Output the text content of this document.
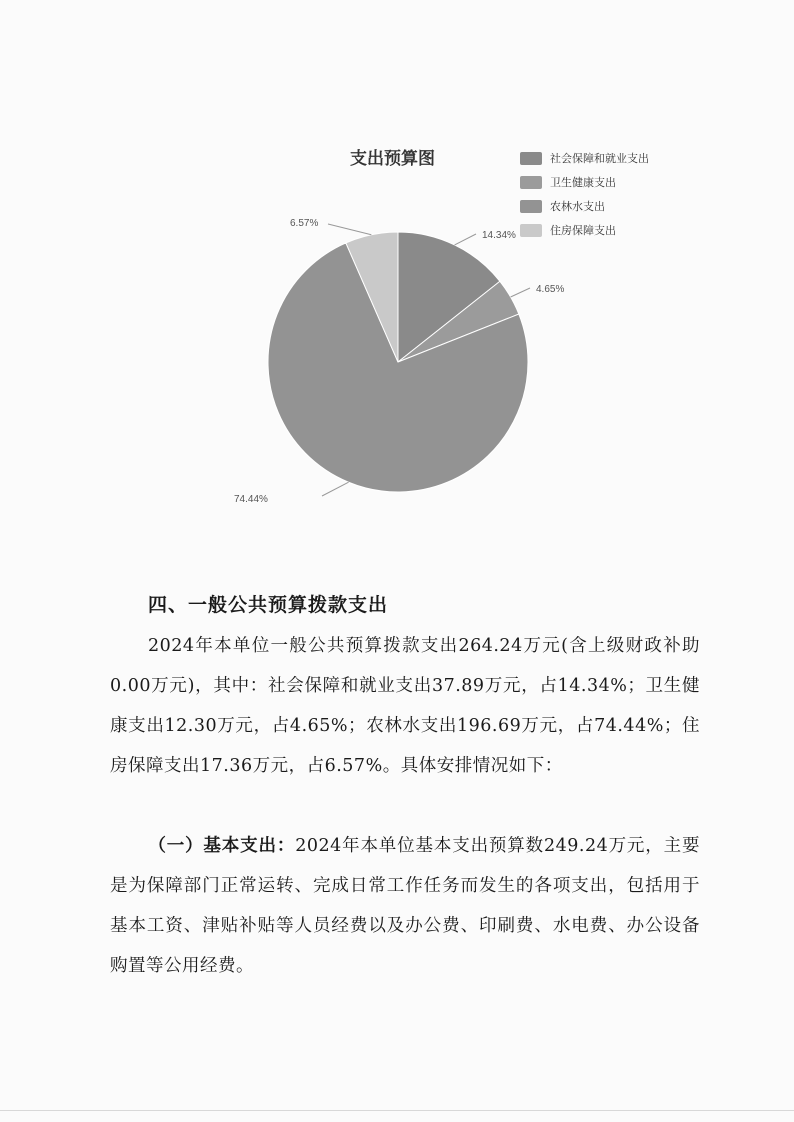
支出预算图	社会保障和就业支出
卫生健康支出
农林水支出
住房保障支出
14.34%
4.65%
74.44%
6.57%
四、一般公共预算拨款支出
2024年本单位一般公共预算拨款支出264.24万元(含上级财政补助0.00万元)，其中：社会保障和就业支出37.89万元，占14.34%；卫生健康支出12.30万元，占4.65%；农林水支出196.69万元，占74.44%；住房保障支出17.36万元，占6.57%。具体安排情况如下：
（一）基本支出：2024年本单位基本支出预算数249.24万元，主要是为保障部门正常运转、完成日常工作任务而发生的各项支出，包括用于基本工资、津贴补贴等人员经费以及办公费、印刷费、水电费、办公设备购置等公用经费。
